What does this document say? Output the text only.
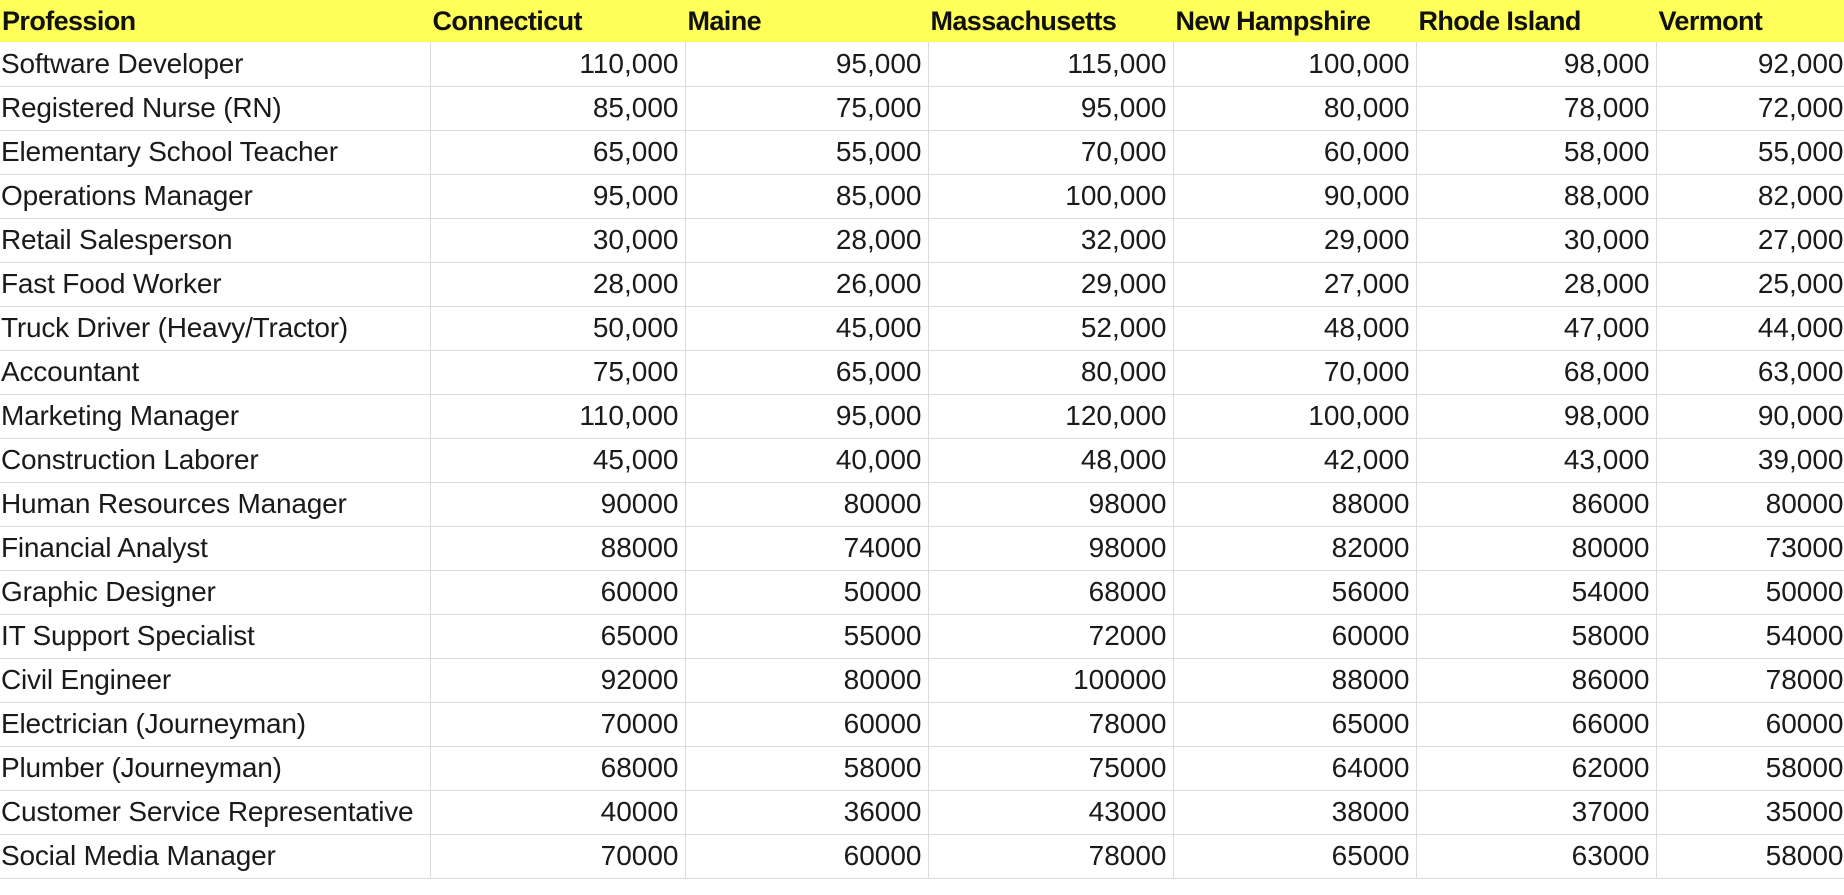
Profession	Connecticut	Maine	Massachusetts	New Hampshire	Rhode Island	Vermont
Software Developer	110,000	95,000	115,000	100,000	98,000	92,000
Registered Nurse (RN)	85,000	75,000	95,000	80,000	78,000	72,000
Elementary School Teacher	65,000	55,000	70,000	60,000	58,000	55,000
Operations Manager	95,000	85,000	100,000	90,000	88,000	82,000
Retail Salesperson	30,000	28,000	32,000	29,000	30,000	27,000
Fast Food Worker	28,000	26,000	29,000	27,000	28,000	25,000
Truck Driver (Heavy/Tractor)	50,000	45,000	52,000	48,000	47,000	44,000
Accountant	75,000	65,000	80,000	70,000	68,000	63,000
Marketing Manager	110,000	95,000	120,000	100,000	98,000	90,000
Construction Laborer	45,000	40,000	48,000	42,000	43,000	39,000
Human Resources Manager	90000	80000	98000	88000	86000	80000
Financial Analyst	88000	74000	98000	82000	80000	73000
Graphic Designer	60000	50000	68000	56000	54000	50000
IT Support Specialist	65000	55000	72000	60000	58000	54000
Civil Engineer	92000	80000	100000	88000	86000	78000
Electrician (Journeyman)	70000	60000	78000	65000	66000	60000
Plumber (Journeyman)	68000	58000	75000	64000	62000	58000
Customer Service Representative	40000	36000	43000	38000	37000	35000
Social Media Manager	70000	60000	78000	65000	63000	58000
